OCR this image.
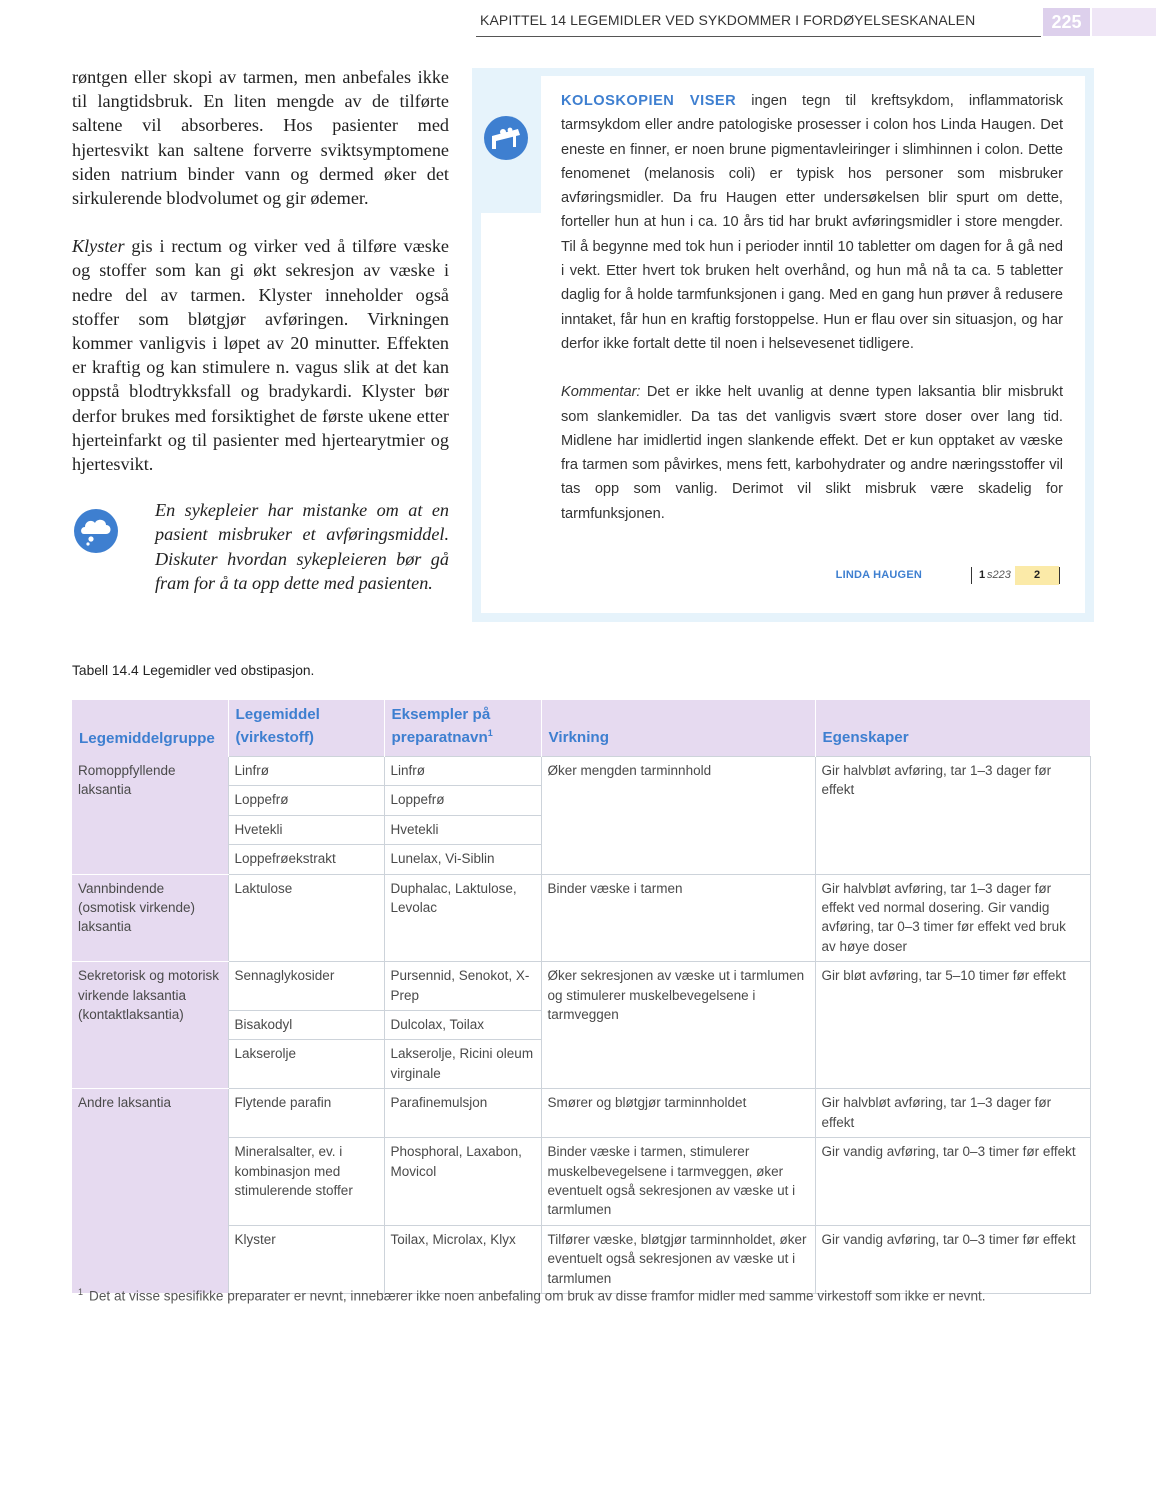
KAPITTEL 14 LEGEMIDLER VED SYKDOMMER I FORDØYELSESKANALEN	225

røntgen eller skopi av tarmen, men anbefales ikke til langtidsbruk. En liten mengde av de tilførte saltene vil absorberes. Hos pasienter med hjertesvikt kan saltene forverre sviktsymptomene siden natrium binder vann og dermed øker det sirkulerende blodvolumet og gir ødemer.

Klyster gis i rectum og virker ved å tilføre væske og stoffer som kan gi økt sekresjon av væske i nedre del av tarmen. Klyster inneholder også stoffer som bløtgjør avføringen. Virkningen kommer vanligvis i løpet av 20 minutter. Effekten er kraftig og kan stimulere n. vagus slik at det kan oppstå blodtrykksfall og bradykardi. Klyster bør derfor brukes med forsiktighet de første ukene etter hjerteinfarkt og til pasienter med hjertearytmier og hjertesvikt.

En sykepleier har mistanke om at en pasient misbruker et avføringsmiddel. Diskuter hvordan sykepleieren bør gå fram for å ta opp dette med pasienten.

KOLOSKOPIEN VISER ingen tegn til kreftsykdom, inflammatorisk tarmsykdom eller andre patologiske prosesser i colon hos Linda Haugen. Det eneste en finner, er noen brune pigmentavleiringer i slimhinnen i colon. Dette fenomenet (melanosis coli) er typisk hos personer som misbruker avføringsmidler. Da fru Haugen etter undersøkelsen blir spurt om dette, forteller hun at hun i ca. 10 års tid har brukt avføringsmidler i store mengder. Til å begynne med tok hun i perioder inntil 10 tabletter om dagen for å gå ned i vekt. Etter hvert tok bruken helt overhånd, og hun må nå ta ca. 5 tabletter daglig for å holde tarmfunksjonen i gang. Med en gang hun prøver å redusere inntaket, får hun en kraftig forstoppelse. Hun er flau over sin situasjon, og har derfor ikke fortalt dette til noen i helsevesenet tidligere.

Kommentar: Det er ikke helt uvanlig at denne typen laksantia blir misbrukt som slankemidler. Da tas det vanligvis svært store doser over lang tid. Midlene har imidlertid ingen slankende effekt. Det er kun opptaket av væske fra tarmen som påvirkes, mens fett, karbohydrater og andre næringsstoffer vil tas opp som vanlig. Derimot vil slikt misbruk være skadelig for tarmfunksjonen.

LINDA HAUGEN	1 s223	2
Tabell 14.4 Legemidler ved obstipasjon.
Legemiddelgruppe	Legemiddel (virkestoff)	Eksempler på preparatnavn$^1$	Virkning	Egenskaper
Romoppfyllende laksantia	Linfrø	Linfrø	Øker mengden tarminnhold	Gir halvbløt avføring, tar 1–3 dager før effekt
	Loppefrø	Loppefrø		
	Hvetekli	Hvetekli		
	Loppefrøekstrakt	Lunelax, Vi-Siblin		
Vannbindende (osmotisk virkende) laksantia	Laktulose	Duphalac, Laktulose, Levolac	Binder væske i tarmen	Gir halvbløt avføring, tar 1–3 dager før effekt ved normal dosering. Gir vandig avføring, tar 0–3 timer før effekt ved bruk av høye doser
Sekretorisk og motorisk virkende laksantia (kontaktlaksantia)	Sennaglykosider	Pursennid, Senokot, X-Prep	Øker sekresjonen av væske ut i tarmlumen og stimulerer muskelbevegelsene i tarmveggen	Gir bløt avføring, tar 5–10 timer før effekt
	Bisakodyl	Dulcolax, Toilax		
	Lakserolje	Lakserolje, Ricini oleum virginale		
Andre laksantia	Flytende parafin	Parafinemulsjon	Smører og bløtgjør tarminnholdet	Gir halvbløt avføring, tar 1–3 dager før effekt
	Mineralsalter, ev. i kombinasjon med stimulerende stoffer	Phosphoral, Laxabon, Movicol	Binder væske i tarmen, stimulerer muskelbevegelsene i tarmveggen, øker eventuelt også sekresjonen av væske ut i tarmlumen	Gir vandig avføring, tar 0–3 timer før effekt
	Klyster	Toilax, Microlax, Klyx	Tilfører væske, bløtgjør tarminnholdet, øker eventuelt også sekresjonen av væske ut i tarmlumen	Gir vandig avføring, tar 0–3 timer før effekt
$^1$ Det at visse spesifikke preparater er nevnt, innebærer ikke noen anbefaling om bruk av disse framfor midler med samme virkestoff som ikke er nevnt.
